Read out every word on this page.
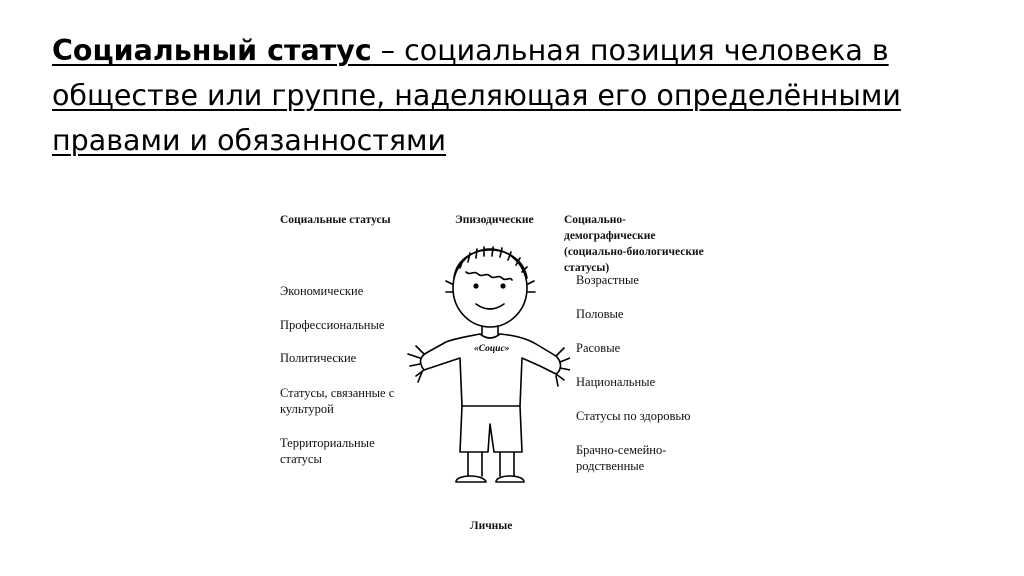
Социальный статус – социальная позиция человека в обществе или группе, наделяющая его определёнными правами и обязанностями
Социальные статусы	Эпизодические	Социально-демографические (социально-биологические статусы)
Экономические
Профессиональные
Политические
Статусы, связанные с культурой
Территориальные статусы
Возрастные
Половые
Расовые
Национальные
Статусы по здоровью
Брачно-семейно-родственные
Личные
«Социс»
